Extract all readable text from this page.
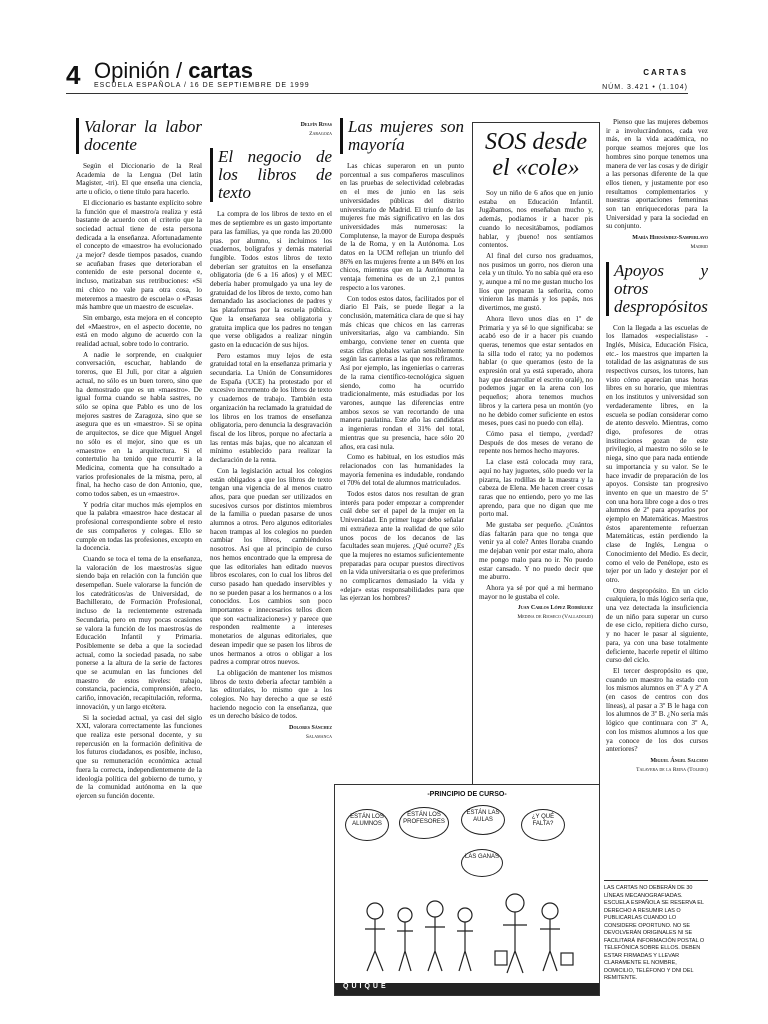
4 Opinión / cartas
ESCUELA ESPAÑOLA / 16 DE SEPTIEMBRE DE 1999
CARTAS
NÚM. 3.421 • (1.104)
Valorar la labor docente

Según el Diccionario de la Real Academia de la Lengua (Del latín Magister, -tri). El que enseña una ciencia, arte u oficio, o tiene título para hacerlo.

El diccionario es bastante explícito sobre la función que el maestro/a realiza y está bastante de acuerdo con el criterio que la sociedad actual tiene de esta persona dedicada a la enseñanza. Afortunadamente el concepto de «maestro» ha evolucionado ¿a mejor? desde tiempos pasados, cuando se acuñaban frases que deterioraban el contenido de este personal docente e, incluso, matizaban sus retribuciones: «Si mi chico no vale para otra cosa, lo meteremos a maestro de escuela» o «Pasas más hambre que un maestro de escuela».

Sin embargo, esta mejora en el concepto del «Maestro», en el aspecto docente, no está en modo alguno de acuerdo con la realidad actual, sobre todo lo contrario.

A nadie le sorprende, en cualquier conversación, escuchar, hablando de toreros, que El Juli, por citar a alguien actual, no sólo es un buen torero, sino que ha demostrado que es un «maestro». De igual forma cuando se habla sastres, no sólo se opina que Pablo es uno de los mejores sastres de Zaragoza, sino que se asegura que es un «maestro». Si se opina de arquitectos, se dice que Miguel Angel no sólo es el mejor, sino que es un «maestro» en la arquitectura. Si el contertulio ha tenido que recurrir a la Medicina, comenta que ha consultado a varios profesionales de la misma, pero, al final, ha hecho caso de don Antonio, que, como todos saben, es un «maestro».

Y podría citar muchos más ejemplos en que la palabra «maestro» hace destacar al profesional correspondiente sobre el resto de sus compañeros y colegas. Ello se cumple en todas las profesiones, excepto en la docencia.

Cuando se toca el tema de la enseñanza, la valoración de los maestros/as sigue siendo baja en relación con la función que desempeñan. Suele valorarse la función de los catedráticos/as de Universidad, de Bachillerato, de Formación Profesional, incluso de la recientemente estrenada Secundaria, pero en muy pocas ocasiones se valora la función de los maestros/as de Educación Infantil y Primaria. Posiblemente se deba a que la sociedad actual, como la sociedad pasada, no sabe ponerse a la altura de la serie de factores que se acumulan en las funciones del maestro de estos niveles: trabajo, constancia, paciencia, comprensión, afecto, cariño, innovación, recapitulación, reforma, innovación, y un largo etcétera.

Si la sociedad actual, ya casi del siglo XXI, valorara correctamente las funciones que realiza este personal docente, y su repercusión en la formación definitiva de los futuros ciudadanos, es posible, incluso, que su remuneración económica actual fuera la correcta, independientemente de la ideología política del gobierno de turno, y de la comunidad autónoma en la que ejercen su función docente.

Delfín Rivas
Zaragoza
El negocio de los libros de texto

La compra de los libros de texto en el mes de septiembre es un gasto importante para las familias, ya que ronda las 20.000 ptas. por alumno, si incluimos los cuadernos, bolígrafos y demás material fungible. Todos estos libros de texto deberían ser gratuitos en la enseñanza obligatoria (de 6 a 16 años) y el MEC debería haber promulgado ya una ley de gratuidad de los libros de texto, como han demandado las asociaciones de padres y las plataformas por la escuela pública. Que la enseñanza sea obligatoria y gratuita implica que los padres no tengan que verse obligados a realizar ningún gasto en la educación de sus hijos.

Pero estamos muy lejos de esta gratuidad total en la enseñanza primaria y secundaria. La Unión de Consumidores de España (UCE) ha protestado por el excesivo incremento de los libros de texto y cuadernos de trabajo. También esta organización ha reclamado la gratuidad de los libros en los tramos de enseñanza obligatoria, pero denuncia la desgravación fiscal de los libros, porque no afectaría a las rentas más bajas, que no alcanzan el mínimo establecido para realizar la declaración de la renta.

Con la legislación actual los colegios están obligados a que los libros de texto tengan una vigencia de al menos cuatro años, para que puedan ser utilizados en sucesivos cursos por distintos miembros de la familia o puedan pasarse de unos alumnos a otros. Pero algunos editoriales hacen trampas al los colegios no pueden cambiar los libros, cambiéndolos nosotros. Así que al principio de curso nos hemos encontrado que la empresa de que las editoriales han editado nuevos libros escolares, con lo cual los libros del curso pasado han quedado inservibles y no se pueden pasar a los hermanos o a los conocidos. Los cambios son poco importantes e innecesarios tellos dicen que son «actualizaciones») y parece que responden realmente a intereses monetarios de algunas editoriales, que desean impedir que se pasen los libros de unos hermanos a otros o obligar a los padres a comprar otros nuevos.

La obligación de mantener los mismos libros de texto debería afectar también a las editoriales, lo mismo que a los colegios. No hay derecho a que se esté haciendo negocio con la enseñanza, que es un derecho básico de todos.

Dolores Sánchez
Salamanca
Las mujeres son mayoría

Las chicas superaron en un punto porcentual a sus compañeros masculinos en las pruebas de selectividad celebradas en el mes de junio en las seis universidades públicas del distrito universitario de Madrid. El triunfo de las mujeres fue más significativo en las dos universidades más numerosas: la Complutense, la mayor de Europa después de la de Roma, y en la Autónoma. Los datos en la UCM reflejan un triunfo del 86% en las mujeres frente a un 84% en los chicos, mientras que en la Autónoma la ventaja femenina es de un 2,1 puntos respecto a los varones.

Con todos estos datos, facilitados por el diario El País, se puede llegar a la conclusión, matemática clara de que si hay más chicas que chicos en las carreras universitarias, algo va cambiando. Sin embargo, conviene tener en cuenta que estas cifras globales varían sensiblemente según las carreras a las que nos refiramos. Así por ejemplo, las ingenierías o carreras de la rama científico-tecnológica siguen siendo, como ha ocurrido tradicionalmente, más estudiadas por los varones, aunque las diferencias entre ambos sexos se van recortando de una manera paulatina. Este año las candidatas a ingenieras rondan el 31% del total, mientras que su presencia, hace sólo 20 años, era casi nula.

Como es habitual, en los estudios más relacionados con las humanidades la mayoría femenina es indudable, rondando el 70% del total de alumnos matriculados.

Todos estos datos nos resultan de gran interés para poder empezar a comprender cuál debe ser el papel de la mujer en la Universidad. En primer lugar debo señalar mi extrañeza ante la realidad de que sólo unos pocos de los decanos de las facultades sean mujeres. ¿Qué ocurre? ¿Es que la mujeres no estamos suficientemente preparadas para ocupar puestos directivos en la vida universitaria o es que preferimos no complicarnos demasiado la vida y «dejar» estas responsabilidades para que las ejerzan los hombres?

SOS desde el «cole»

Soy un niño de 6 años que en junio estaba en Educación Infantil. Jugábamos, nos enseñaban mucho y, además, podíamos ir a hacer pis cuando lo necesitábamos, podíamos hablar, y ¡bueno! nos sentíamos contentos.

Al final del curso nos graduamos, nos pusimos un gorro, nos dieron una cela y un título. Yo no sabía qué era eso y, aunque a mí no me gustan mucho los líos que preparan la señorita, como vinieron las mamás y los papás, nos divertimos, me gustó.

Ahora llevo unos días en 1º de Primaria y ya sé lo que significaba: se acabó eso de ir a hacer pis cuando queras, tenemos que estar sentados en la silla todo el rato; ya no podemos hablar (o que queramos (esto de la expresión oral ya está superado, ahora hay que desarrollar el escrito oralé), no podemos jugar en la arena con los pequeños; ahora tenemos muchos libros y la cartera pesa un montón (yo no he debido comer suficiente en estos meses, pues casi no puedo con ella).

Cómo pasa el tiempo, ¿verdad? Después de dos meses de verano de repente nos hemos hecho mayores.

La clase está colocada muy rara, aquí no hay juguetes, sólo puedo ver la pizarra, las rodillas de la maestra y la cabeza de Elena. Me hacen creer cosas raras que no entiendo, pero yo me las aprendo, para que no digan que me porto mal.

Me gustaba ser pequeño. ¿Cuántos días faltarán para que no tenga que venir ya al cole? Antes lloraba cuando me dejaban venir por estar malo, ahora me pongo malo para no ir. No puedo estar cansado. Y no puedo decir que me aburro.

Ahora ya sé por qué a mi hermano mayor no le gustaba el cole.

Juan Carlos López Rodríguez
Medina de Rioseco (Valladolid)

Pienso que las mujeres debemos ir a involucrándonos, cada vez más, en la vida académica, no porque seamos mejores que los hombres sino porque tenemos una manera de ver las cosas y de dirigir a las personas diferente de la que ellos tienen, y justamente por eso resultamos complementarios y nuestras aportaciones femeninas son tan enriquecedoras para la Universidad y para la sociedad en su conjunto.

María Hernández-Samperlayo
Madrid
Apoyos y otros despropósitos

Con la llegada a las escuelas de los llamados «especialistas» -Inglés, Música, Educación Física, etc.- los maestros que imparten la totalidad de las asignaturas de sus respectivos cursos, los tutores, han visto cómo aparecían unas horas libres en su horario, que mientras en los institutos y universidad son verdaderamente libres, en la escuela se podían considerar como de atento desvelo. Mientras, como digo, profesores de otras instituciones gozan de este privilegio, al maestro no sólo se le niega, sino que para nada entiende su importancia y su valor. Se le hace invadir de preparación de los apoyos. Consiste tan progresivo invento en que un maestro de 5º con una hora libre coge a dos o tres alumnos de 2º para apoyarlos por ejemplo en Matemáticas. Maestros éstos aparentemente refuerzan Matemáticas, están perdiendo la clase de Inglés, Lengua o Conocimiento del Medio. Es decir, como el velo de Penélope, esto es tejer por un lado y destejer por el otro.

Otro despropósito. En un ciclo cualquiera, lo más lógico sería que, una vez detectada la insuficiencia de un niño para superar un curso de ese ciclo, repitiera dicho curso, y no hacer le pasar al siguiente, para, ya con una base totalmente deficiente, hacerle repetir el último curso del ciclo.

El tercer despropósito es que, cuando un maestro ha estado con los mismos alumnos en 3º A y 2º A (en casos de centros con dos líneas), al pasar a 3º B le haga con los alumnos de 3º B. ¿No sería más lógico que continuara con 3º A, con los mismos alumnos a los que ya conoce de los dos cursos anteriores?

Miguel Ángel Salcedo
Talavera de la Reina (Toledo)
-PRINCIPIO DE CURSO-
ESTÁN LOS ALUMNOS
ESTÁN LOS PROFESORES
ESTÁN LAS AULAS	¿Y QUÉ FALTA?
LAS GANAS
QUIQUE
LAS CARTAS NO DEBERÁN DE 30 LÍNEAS MECANOGRAFIADAS. ESCUELA ESPAÑOLA SE RESERVA EL DERECHO A RESUMIR LAS O PUBLICARLAS CUANDO LO CONSIDERE OPORTUNO. NO SE DEVOLVERÁN ORIGINALES NI SE FACILITARÁ INFORMACIÓN POSTAL O TELEFÓNICA SOBRE ELLOS. DEBEN ESTAR FIRMADAS Y LLEVAR CLARAMENTE EL NOMBRE, DOMICILIO, TELÉFONO Y DNI DEL REMITENTE.
